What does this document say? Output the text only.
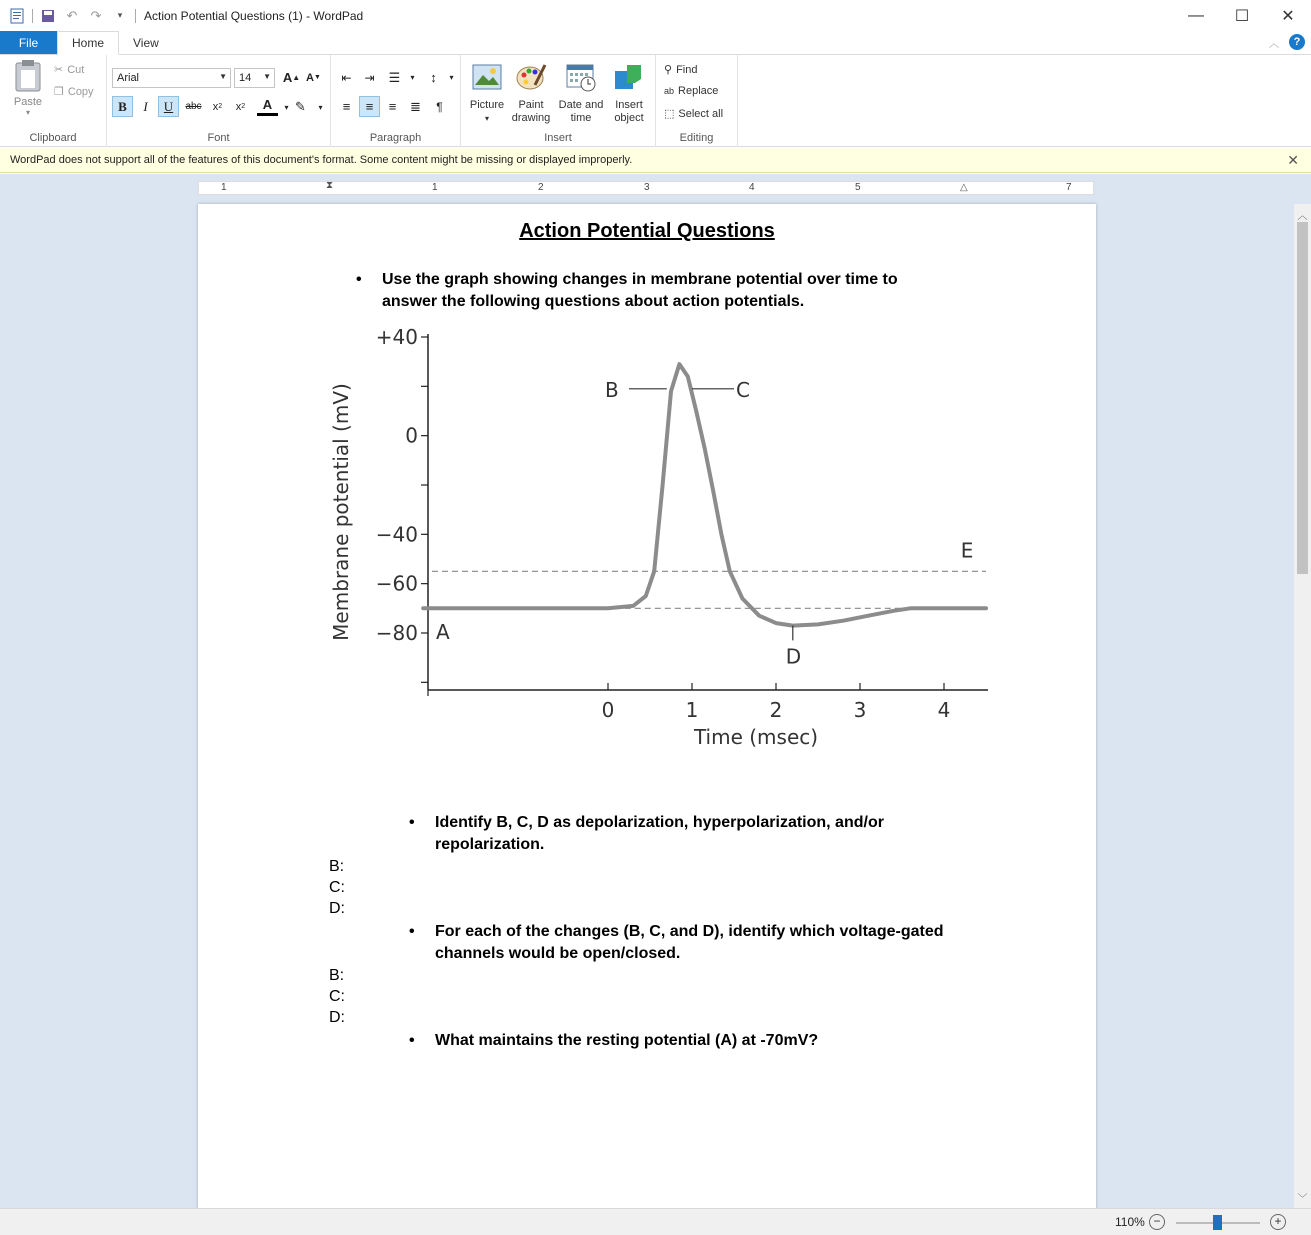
↶ ↷	▾	Action Potential Questions (1) - WordPad	—	☐	✕
File	Home	View	︿	?
Paste
▾
✂ Cut
❐ Copy
Clipboard
Arial	▼	14 ▼ A ▲ A ▼
B	I	U	abc	x 2	x 2	A	▾ ✎	▾
Font
⇤	⇥	☰	▾	↕	▾
≡	≡	≡	≣	¶
Paragraph
Picture
▾
Paint
drawing
Date and
time
Insert
object
Insert
⚲ Find
ab Replace
⬚ Select all
Editing
WordPad does not support all of the features of this document's format. Some content might be missing or displayed improperly.	✕
1	⧗	1	2	3	4	5	△	7
Action Potential Questions
• Use the graph showing changes in membrane potential over time to
answer the following questions about action potentials.
+40
0
−40
−60
−80
0	1	2	3	4
Time (msec)
Membrane potential (mV)	A
B	C
D
E
• Identify B, C, D as depolarization, hyperpolarization, and/or
repolarization.
B:
C:
D:
• For each of the changes (B, C, and D), identify which voltage-gated
channels would be open/closed.
B:
C:
D:
• What maintains the resting potential (A) at -70mV?
︿
﹀
110% −	+
